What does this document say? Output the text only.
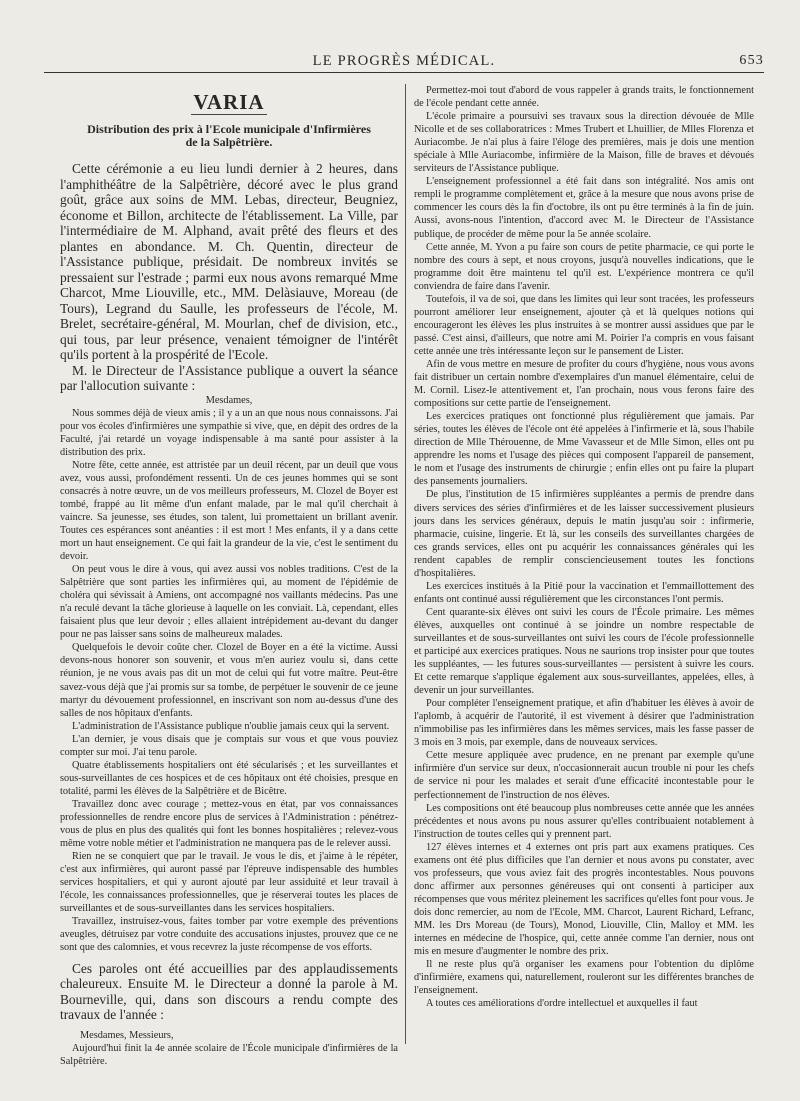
LE PROGRÈS MÉDICAL.	653
VARIA
Distribution des prix à l'Ecole municipale d'Infirmières
de la Salpêtrière.

Cette cérémonie a eu lieu lundi dernier à 2 heures, dans l'amphithéâtre de la Salpêtrière, décoré avec le plus grand goût, grâce aux soins de MM. Lebas, directeur, Beugniez, économe et Billon, architecte de l'établissement. La Ville, par l'intermédiaire de M. Alphand, avait prêté des fleurs et des plantes en abondance. M. Ch. Quentin, directeur de l'Assistance publique, présidait. De nombreux invités se pressaient sur l'estrade ; parmi eux nous avons remarqué Mme Charcot, Mme Liouville, etc., MM. Delàsiauve, Moreau (de Tours), Legrand du Saulle, les professeurs de l'école, M. Brelet, secrétaire-général, M. Mourlan, chef de division, etc., qui tous, par leur présence, venaient témoigner de l'intérêt qu'ils portent à la prospérité de l'Ecole.

M. le Directeur de l'Assistance publique a ouvert la séance par l'allocution suivante :

Mesdames,

Nous sommes déjà de vieux amis ; il y a un an que nous nous connaissons. J'ai pour vos écoles d'infirmières une sympathie si vive, que, en dépit des ordres de la Faculté, j'ai retardé un voyage indispensable à ma santé pour assister à la distribution des prix.

Notre fête, cette année, est attristée par un deuil récent, par un deuil que vous avez, vous aussi, profondément ressenti. Un de ces jeunes hommes qui se sont consacrés à notre œuvre, un de vos meilleurs professeurs, M. Clozel de Boyer est tombé, frappé au lit même d'un enfant malade, par le mal qu'il cherchait à vaincre. Sa jeunesse, ses études, son talent, lui promettaient un brillant avenir. Toutes ces espérances sont anéanties : il est mort ! Mes enfants, il y a dans cette mort un haut enseignement. Ce qui fait la grandeur de la vie, c'est le sentiment du devoir.

On peut vous le dire à vous, qui avez aussi vos nobles traditions. C'est de la Salpêtrière que sont parties les infirmières qui, au moment de l'épidémie de choléra qui sévissait à Amiens, ont accompagné nos vaillants médecins. Pas une n'a reculé devant la tâche glorieuse à laquelle on les conviait. Là, cependant, elles faisaient plus que leur devoir ; elles allaient intrépidement au-devant du danger pour ne pas laisser sans soins de malheureux malades.

Quelquefois le devoir coûte cher. Clozel de Boyer en a été la victime. Aussi devons-nous honorer son souvenir, et vous m'en auriez voulu si, dans cette réunion, je ne vous avais pas dit un mot de celui qui fut votre maître. Peut-être savez-vous déjà que j'ai promis sur sa tombe, de perpétuer le souvenir de ce jeune martyr du dévouement professionnel, en inscrivant son nom au-dessus d'une des salles de nos hôpitaux d'enfants.

L'administration de l'Assistance publique n'oublie jamais ceux qui la servent.

L'an dernier, je vous disais que je comptais sur vous et que vous pouviez compter sur moi. J'ai tenu parole.

Quatre établissements hospitaliers ont été sécularisés ; et les surveillantes et sous-surveillantes de ces hospices et de ces hôpitaux ont été choisies, presque en totalité, parmi les élèves de la Salpêtrière et de Bicêtre.

Travaillez donc avec courage ; mettez-vous en état, par vos connaissances professionnelles de rendre encore plus de services à l'Administration : pénétrez-vous de plus en plus des qualités qui font les bonnes hospitalières ; relevez-vous même votre noble métier et l'administration ne manquera pas de le relever aussi.

Rien ne se conquiert que par le travail. Je vous le dis, et j'aime à le répéter, c'est aux infirmières, qui auront passé par l'épreuve indispensable des humbles services hospitaliers, et qui y auront ajouté par leur assiduité et leur travail à l'école, les connaissances professionnelles, que je réserverai toutes les places de surveillantes et de sous-surveillantes dans les services hospitaliers.

Travaillez, instruisez-vous, faites tomber par votre exemple des préventions aveugles, détruisez par votre conduite des accusations injustes, prouvez que ce ne sont que des calomnies, et vous recevrez la juste récompense de vos efforts.

Ces paroles ont été accueillies par des applaudissements chaleureux. Ensuite M. le Directeur a donné la parole à M. Bourneville, qui, dans son discours a rendu compte des travaux de l'année :

Mesdames, Messieurs,

Aujourd'hui finit la 4e année scolaire de l'École municipale d'infirmières de la Salpêtrière.

Permettez-moi tout d'abord de vous rappeler à grands traits, le fonctionnement de l'école pendant cette année.

L'école primaire a poursuivi ses travaux sous la direction dévouée de Mlle Nicolle et de ses collaboratrices : Mmes Trubert et Lhuillier, de Mlles Florenza et Auriacombe. Je n'ai plus à faire l'éloge des premières, mais je dois une mention spéciale à Mlle Auriacombe, infirmière de la Maison, fille de braves et dévoués serviteurs de l'Assistance publique.

L'enseignement professionnel a été fait dans son intégralité. Nos amis ont rempli le programme complètement et, grâce à la mesure que nous avons prise de commencer les cours dès la fin d'octobre, ils ont pu être terminés à la fin de juin. Aussi, avons-nous l'intention, d'accord avec M. le Directeur de l'Assistance publique, de procéder de même pour la 5e année scolaire.

Cette année, M. Yvon a pu faire son cours de petite pharmacie, ce qui porte le nombre des cours à sept, et nous croyons, jusqu'à nouvelles indications, que le programme doit être maintenu tel qu'il est. L'expérience montrera ce qu'il conviendra de faire dans l'avenir.

Toutefois, il va de soi, que dans les limites qui leur sont tracées, les professeurs pourront améliorer leur enseignement, ajouter çà et là quelques notions qui encourageront les élèves les plus instruites à se montrer aussi assidues que par le passé. C'est ainsi, d'ailleurs, que notre ami M. Poirier l'a compris en vous faisant cette année une très intéressante leçon sur le pansement de Lister.

Afin de vous mettre en mesure de profiter du cours d'hygiène, nous vous avons fait distribuer un certain nombre d'exemplaires d'un manuel élémentaire, celui de M. Cornil. Lisez-le attentivement et, l'an prochain, nous vous ferons faire des compositions sur cette partie de l'enseignement.

Les exercices pratiques ont fonctionné plus régulièrement que jamais. Par séries, toutes les élèves de l'école ont été appelées à l'infirmerie et là, sous l'habile direction de Mlle Thérouenne, de Mme Vavasseur et de Mlle Simon, elles ont pu apprendre les noms et l'usage des pièces qui composent l'appareil de pansement, le nom et l'usage des instruments de chirurgie ; enfin elles ont pu faire la plupart des pansements journaliers.

De plus, l'institution de 15 infirmières suppléantes a permis de prendre dans divers services des séries d'infirmières et de les laisser successivement plusieurs jours dans les services généraux, depuis le matin jusqu'au soir : infirmerie, pharmacie, cuisine, lingerie. Et là, sur les conseils des surveillantes chargées de ces grands services, elles ont pu acquérir les connaissances générales qui les rendent capables de remplir consciencieusement toutes les fonctions d'hospitalières.

Les exercices institués à la Pitié pour la vaccination et l'emmaillottement des enfants ont continué aussi régulièrement que les circonstances l'ont permis.

Cent quarante-six élèves ont suivi les cours de l'École primaire. Les mêmes élèves, auxquelles ont continué à se joindre un nombre respectable de surveillantes et de sous-surveillantes ont suivi les cours de l'école professionnelle et participé aux exercices pratiques. Nous ne saurions trop insister pour que toutes les suppléantes, — les futures sous-surveillantes — persistent à suivre les cours. Et cette remarque s'applique également aux sous-surveillantes, appelées, elles, à devenir un jour surveillantes.

Pour compléter l'enseignement pratique, et afin d'habituer les élèves à avoir de l'aplomb, à acquérir de l'autorité, il est vivement à désirer que l'administration n'immobilise pas les infirmières dans les mêmes services, mais les fasse passer de 3 mois en 3 mois, par exemple, dans de nouveaux services.

Cette mesure appliquée avec prudence, en ne prenant par exemple qu'une infirmière d'un service sur deux, n'occasionnerait aucun trouble ni pour les chefs de service ni pour les malades et serait d'une efficacité incontestable pour le perfectionnement de l'instruction de nos élèves.

Les compositions ont été beaucoup plus nombreuses cette année que les années précédentes et nous avons pu nous assurer qu'elles contribuaient notablement à l'instruction de toutes celles qui y prennent part.

127 élèves internes et 4 externes ont pris part aux examens pratiques. Ces examens ont été plus difficiles que l'an dernier et nous avons pu constater, avec vos professeurs, que vous aviez fait des progrès incontestables. Nous pouvons donc affirmer aux personnes généreuses qui ont consenti à participer aux récompenses que vous méritez pleinement les sacrifices qu'elles font pour vous. Je dois donc remercier, au nom de l'Ecole, MM. Charcot, Laurent Richard, Lefranc, MM. les Drs Moreau (de Tours), Monod, Liouville, Clin, Malloy et MM. les internes en médecine de l'hospice, qui, cette année comme l'an dernier, nous ont mis en mesure d'augmenter le nombre des prix.

Il ne reste plus qu'à organiser les examens pour l'obtention du diplôme d'infirmière, examens qui, naturellement, rouleront sur les différentes branches de l'enseignement.

A toutes ces améliorations d'ordre intellectuel et auxquelles il faut
